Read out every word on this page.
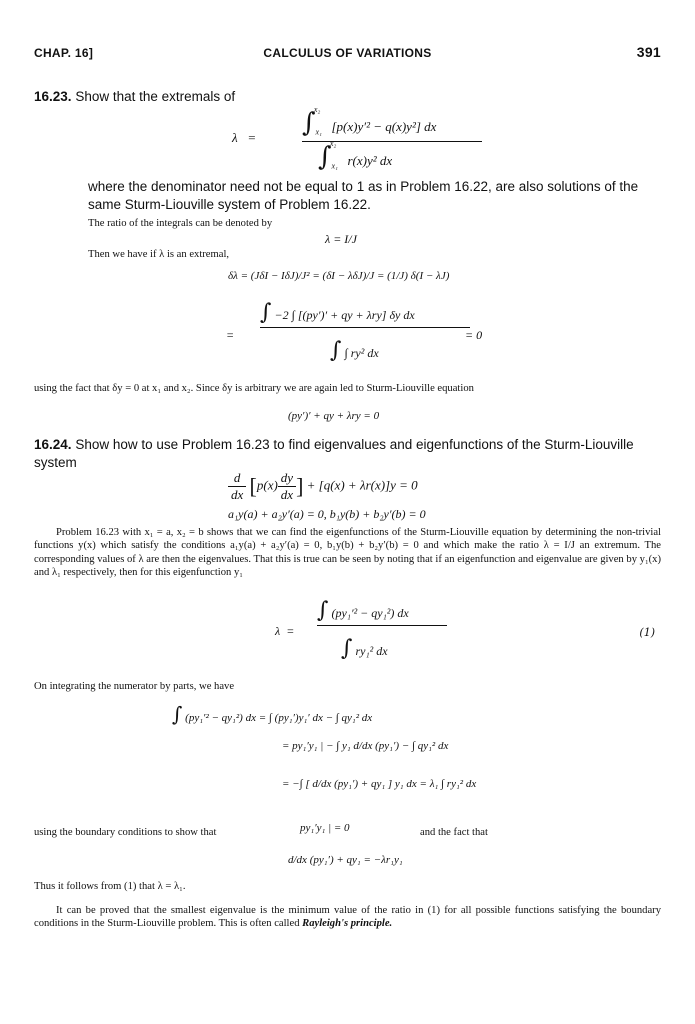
CHAP. 16]	CALCULUS OF VARIATIONS	391
16.23. Show that the extremals of
$\lambda = \int_{x_1}^{x_2}$ [p(x)y′² − q(x)y²] dx
$\int_{x_1}^{x_2}$ r(x)y² dx
where the denominator need not be equal to 1 as in Problem 16.22, are also solutions of the same Sturm-Liouville system of Problem 16.22.
The ratio of the integrals can be denoted by
λ = I/J
Then we have if λ is an extremal,
δλ = (JδI − IδJ)/J² = (δI − λδJ)/J = (1/J) δ(I − λJ)
=
∫ −2 ∫ [(py′)′ + qy + λry] δy dx
∫ ∫ ry² dx
= 0
using the fact that δy = 0 at x₁ and x₂. Since δy is arbitrary we are again led to Sturm-Liouville equation
(py′)′ + qy + λry = 0
16.24. Show how to use Problem 16.23 to find eigenvalues and eigenfunctions of the Sturm-Liouville system
$\frac{d}{dx} [p(x) \frac{dy}{dx}$ ] + [q(x) + λr(x)]y = 0
a₁y(a) + a₂y′(a) = 0, b₁y(b) + b₂y′(b) = 0
Problem 16.23 with x₁ = a, x₂ = b shows that we can find the eigenfunctions of the Sturm-Liouville equation by determining the non-trivial functions y(x) which satisfy the conditions a₁y(a) + a₂y′(a) = 0, b₁y(b) + b₂y′(b) = 0 and which make the ratio λ = I/J an extremum. The corresponding values of λ are then the eigenvalues. That this is true can be seen by noting that if an eigenfunction and eigenvalue are given by y₁(x) and λ₁ respectively, then for this eigenfunction y₁
λ  =
∫ (py₁′² − qy₁²) dx
∫ ry₁² dx
(1)
On integrating the numerator by parts, we have
∫ (py₁′² − qy₁²) dx = ∫ (py₁′)y₁′ dx − ∫ qy₁² dx
= py₁′y₁ | − ∫ y₁ d/dx (py₁′) − ∫ qy₁² dx
= −∫ [ d/dx (py₁′) + qy₁ ] y₁ dx = λ₁ ∫ ry₁² dx
using the boundary conditions to show that	py₁′y₁ | = 0	and the fact that
d/dx (py₁′) + qy₁ = −λr₁y₁
Thus it follows from (1) that λ = λ₁.
It can be proved that the smallest eigenvalue is the minimum value of the ratio in (1) for all possible functions satisfying the boundary conditions in the Sturm-Liouville problem. This is often called Rayleigh's principle.
